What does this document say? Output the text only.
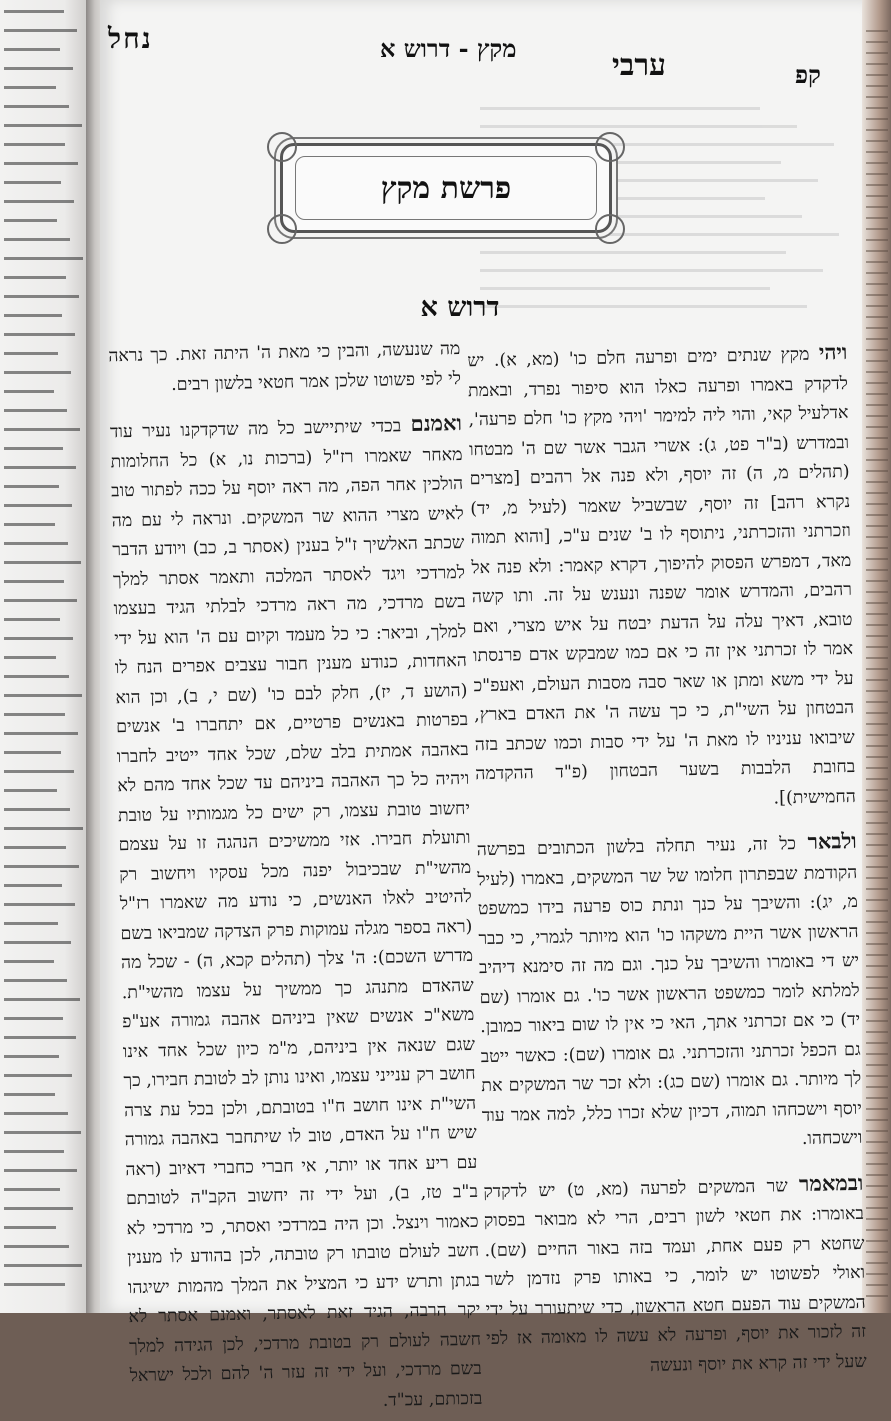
נחל	מקץ - דרוש א	ערבי	קפ
פרשת מקץ
דרוש א

ויהי מקץ שנתים ימים ופרעה חלם כו' (מא, א). יש לדקדק באמרו ופרעה כאלו הוא סיפור נפרד, ובאמת אדלעיל קאי, והוי ליה למימר 'ויהי מקץ כו' חלם פרעה', ובמדרש (ב"ר פט, ג): אשרי הגבר אשר שם ה' מבטחו (תהלים מ, ה) זה יוסף, ולא פנה אל רהבים [מצרים נקרא רהב] זה יוסף, שבשביל שאמר (לעיל מ, יד) וזכרתני והזכרתני, ניתוסף לו ב' שנים ע"כ, [והוא תמוה מאד, דמפרש הפסוק להיפוך, דקרא קאמר: ולא פנה אל רהבים, והמדרש אומר שפנה ונענש על זה. ותו קשה טובא, דאיך עלה על הדעת יבטח על איש מצרי, ואם אמר לו זכרתני אין זה כי אם כמו שמבקש אדם פרנסתו על ידי משא ומתן או שאר סבה מסבות העולם, ואעפ"כ הבטחון על השי"ת, כי כך עשה ה' את האדם בארץ, שיבואו עניניו לו מאת ה' על ידי סבות וכמו שכתב בזה בחובת הלבבות בשער הבטחון (פ"ד ההקדמה החמישית)].

ולבאר כל זה, נעיר תחלה בלשון הכתובים בפרשה הקודמת שבפתרון חלומו של שר המשקים, באמרו (לעיל מ, יג): והשיבך על כנך ונתת כוס פרעה בידו כמשפט הראשון אשר היית משקהו כו' הוא מיותר לגמרי, כי כבר יש די באומרו והשיבך על כנך. וגם מה זה סימנא דיהיב למלתא לומר כמשפט הראשון אשר כו'. גם אומרו (שם יד) כי אם זכרתני אתך, האי כי אין לו שום ביאור כמובן. גם הכפל זכרתני והזכרתני. גם אומרו (שם): כאשר ייטב לך מיותר. גם אומרו (שם כג): ולא זכר שר המשקים את יוסף וישכחהו תמוה, דכיון שלא זכרו כלל, למה אמר עוד וישכחהו.

ובמאמר שר המשקים לפרעה (מא, ט) יש לדקדק באומרו: את חטאי לשון רבים, הרי לא מבואר בפסוק שחטא רק פעם אחת, ועמד בזה באור החיים (שם). ואולי לפשוטו יש לומר, כי באותו פרק נזדמן לשר המשקים עוד הפעם חטא הראשון, כדי שיתעורר על ידי זה לזכור את יוסף, ופרעה לא עשה לו מאומה אז לפי שעל ידי זה קרא את יוסף ונעשה

מה שנעשה, והבין כי מאת ה' היתה זאת. כך נראה לי לפי פשוטו שלכן אמר חטאי בלשון רבים.

ואמנם בכדי שיתיישב כל מה שדקדקנו נעיר עוד מאחר שאמרו רז"ל (ברכות נו, א) כל החלומות הולכין אחר הפה, מה ראה יוסף על ככה לפתור טוב לאיש מצרי ההוא שר המשקים. ונראה לי עם מה שכתב האלשיך ז"ל בענין (אסתר ב, כב) ויודע הדבר למרדכי ויגד לאסתר המלכה ותאמר אסתר למלך בשם מרדכי, מה ראה מרדכי לבלתי הגיד בעצמו למלך, וביאר: כי כל מעמד וקיום עם ה' הוא על ידי האחדות, כנודע מענין חבור עצבים אפרים הנח לו (הושע ד, יז), חלק לבם כו' (שם י, ב), וכן הוא בפרטות באנשים פרטיים, אם יתחברו ב' אנשים באהבה אמתית בלב שלם, שכל אחד ייטיב לחברו ויהיה כל כך האהבה ביניהם עד שכל אחד מהם לא יחשוב טובת עצמו, רק ישים כל מגמותיו על טובת ותועלת חבירו. אזי ממשיכים הנהגה זו על עצמם מהשי"ת שבכיבול יפנה מכל עסקיו ויחשוב רק להיטיב לאלו האנשים, כי נודע מה שאמרו רז"ל (ראה בספר מגלה עמוקות פרק הצדקה שמביאו בשם מדרש השכם): ה' צלך (תהלים קכא, ה) - שכל מה שהאדם מתנהג כך ממשיך על עצמו מהשי"ת. משא"כ אנשים שאין ביניהם אהבה גמורה אע"פ שגם שנאה אין ביניהם, מ"מ כיון שכל אחד אינו חושב רק ענייני עצמו, ואינו נותן לב לטובת חבירו, כך השי"ת אינו חושב ח"ו בטובתם, ולכן בכל עת צרה שיש ח"ו על האדם, טוב לו שיתחבר באהבה גמורה עם ריע אחד או יותר, אי חברי כחברי דאיוב (ראה ב"ב טז, ב), ועל ידי זה יחשוב הקב"ה לטובתם כאמור וינצל. וכן היה במרדכי ואסתר, כי מרדכי לא חשב לעולם טובתו רק טובתה, לכן בהודע לו מענין בגתן ותרש ידע כי המציל את המלך מהמות ישיגהו יקר הרבה, הגיד זאת לאסתר, ואמנם אסתר לא חשבה לעולם רק בטובת מרדכי, לכן הגידה למלך בשם מרדכי, ועל ידי זה עזר ה' להם ולכל ישראל בזכותם, עכ"ד.
